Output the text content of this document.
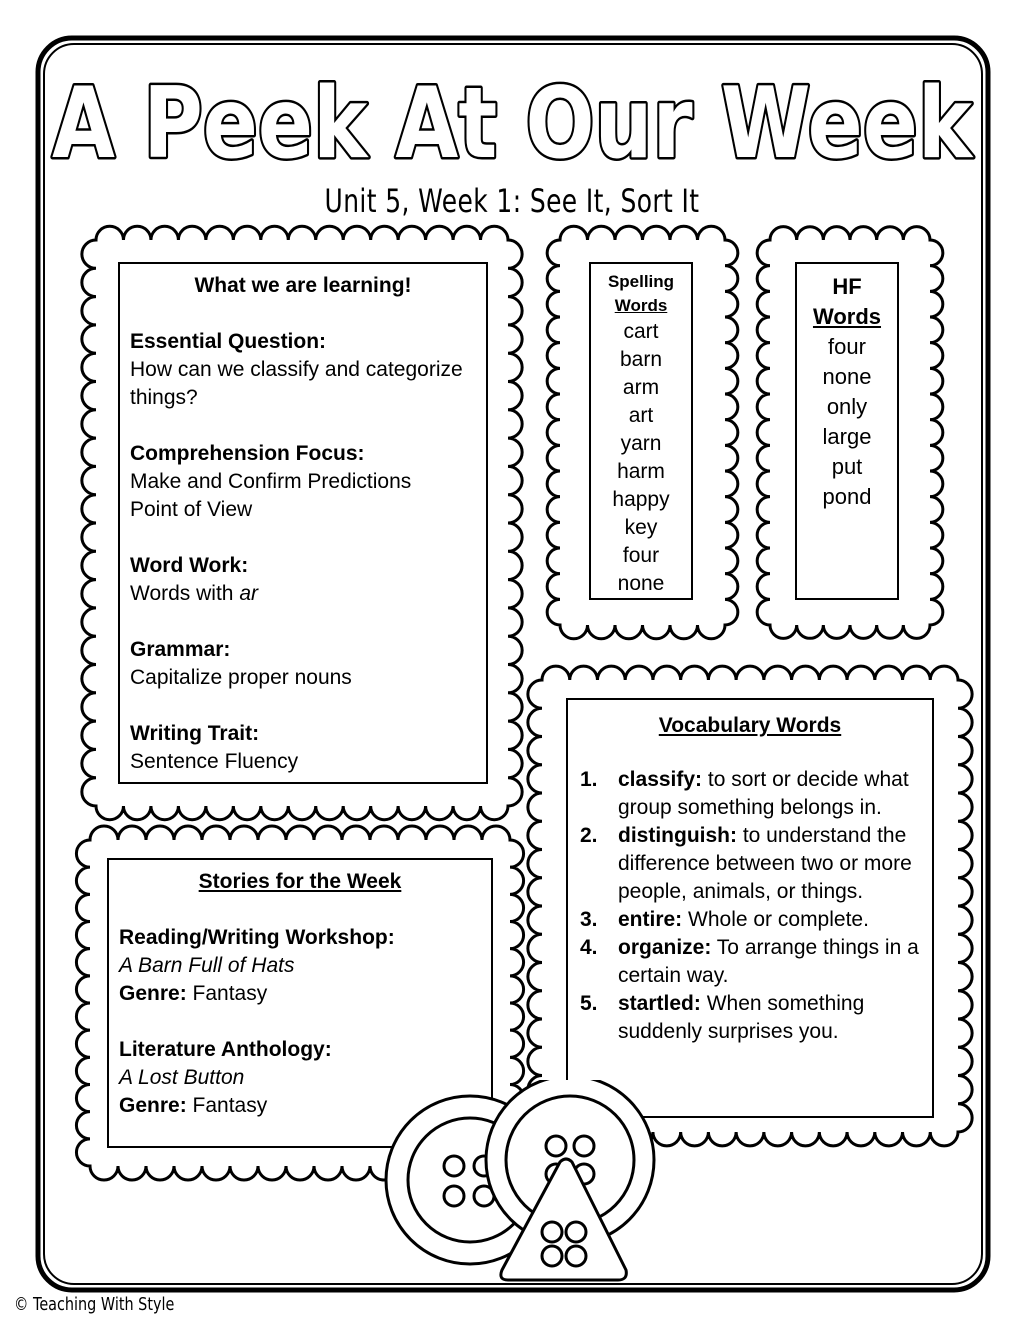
A Peek At Our Week
Unit 5, Week 1: See It, Sort It
What we are learning!
Essential Question:
How can we classify and categorize things?
Comprehension Focus:
Make and Confirm Predictions
Point of View
Word Work:
Words with ar
Grammar:
Capitalize proper nouns
Writing Trait:
Sentence Fluency
Spelling
Words
cart
barn
arm
art
yarn
harm
happy
key
four
none
HF
Words
four
none
only
large
put
pond
Vocabulary Words
1. classify: to sort or decide what group something belongs in.
2. distinguish: to understand the difference between two or more people, animals, or things.
3. entire: Whole or complete.
4. organize: To arrange things in a certain way.
5. startled: When something suddenly surprises you.
Stories for the Week
Reading/Writing Workshop:
A Barn Full of Hats
Genre: Fantasy
Literature Anthology:
A Lost Button
Genre: Fantasy
© Teaching With Style
